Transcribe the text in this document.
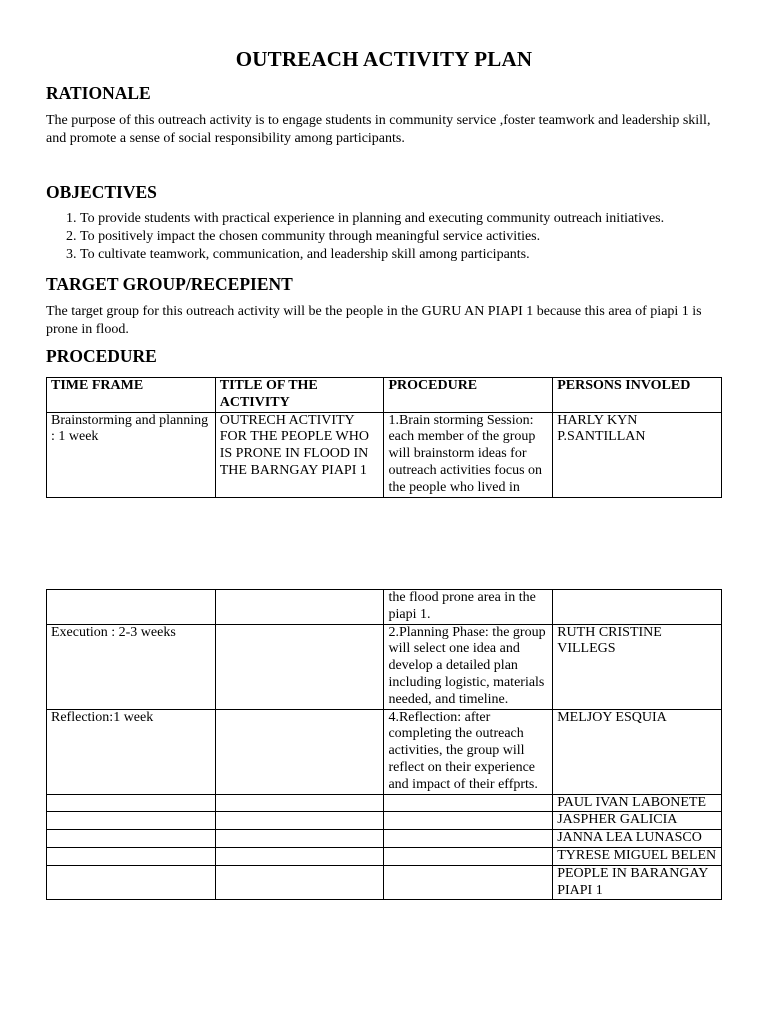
OUTREACH ACTIVITY PLAN
RATIONALE
The purpose of this outreach activity is to engage students in community service ,foster teamwork and leadership skill, and promote a sense of social responsibility among participants.
OBJECTIVES
1. To provide students with practical experience in planning and executing community outreach initiatives.
2. To positively impact the chosen community through meaningful service activities.
3. To cultivate teamwork, communication, and leadership skill among participants.
TARGET GROUP/RECEPIENT
The target group for this outreach activity will be the people in the GURU AN PIAPI 1 because this area of piapi 1 is prone in flood.
PROCEDURE
TIME FRAME	TITLE OF THE ACTIVITY	PROCEDURE	PERSONS INVOLED
Brainstorming and planning : 1 week	OUTRECH ACTIVITY FOR THE PEOPLE WHO IS PRONE IN FLOOD IN THE BARNGAY PIAPI 1	1.Brain storming Session: each member of the group will brainstorm ideas for outreach activities focus on the people who lived in	HARLY KYN P.SANTILLAN
		the flood prone area in the piapi 1.	
Execution : 2-3 weeks		2.Planning Phase: the group will select one idea and develop a detailed plan including logistic, materials needed, and timeline.	RUTH CRISTINE VILLEGS
Reflection:1 week		4.Reflection: after completing the outreach activities, the group will reflect on their experience and impact of their effprts.	MELJOY ESQUIA
			PAUL IVAN LABONETE
			JASPHER GALICIA
			JANNA LEA LUNASCO
			TYRESE MIGUEL BELEN
			PEOPLE IN BARANGAY PIAPI 1
